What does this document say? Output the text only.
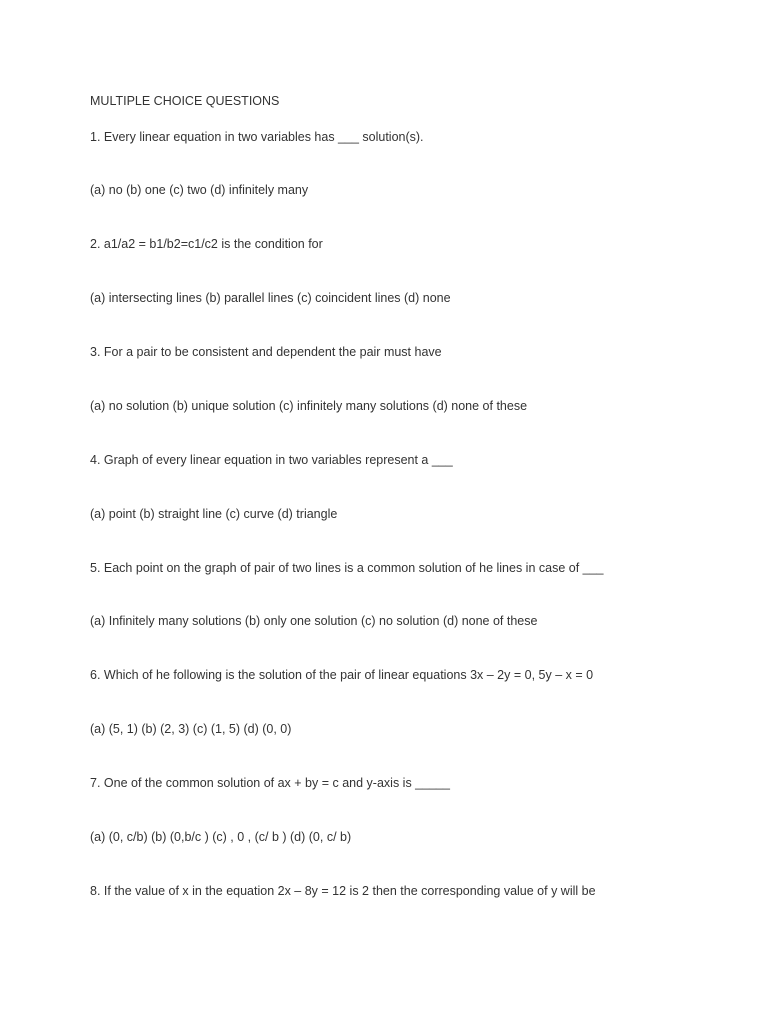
MULTIPLE CHOICE QUESTIONS
1. Every linear equation in two variables has ___ solution(s).
(a) no (b) one (c) two (d) infinitely many
2. a1/a2 = b1/b2=c1/c2 is the condition for
(a) intersecting lines (b) parallel lines (c) coincident lines (d) none
3. For a pair to be consistent and dependent the pair must have
(a) no solution (b) unique solution (c) infinitely many solutions (d) none of these
4. Graph of every linear equation in two variables represent a ___
(a) point (b) straight line (c) curve (d) triangle
5. Each point on the graph of pair of two lines is a common solution of he lines in case of ___
(a) Infinitely many solutions (b) only one solution (c) no solution (d) none of these
6. Which of he following is the solution of the pair of linear equations 3x – 2y = 0, 5y – x = 0
(a) (5, 1) (b) (2, 3) (c) (1, 5) (d) (0, 0)
7. One of the common solution of ax + by = c and y-axis is _____
(a) (0, c/b) (b) (0,b/c ) (c) , 0 , (c/ b ) (d) (0, c/ b)
8. If the value of x in the equation 2x – 8y = 12 is 2 then the corresponding value of y will be
